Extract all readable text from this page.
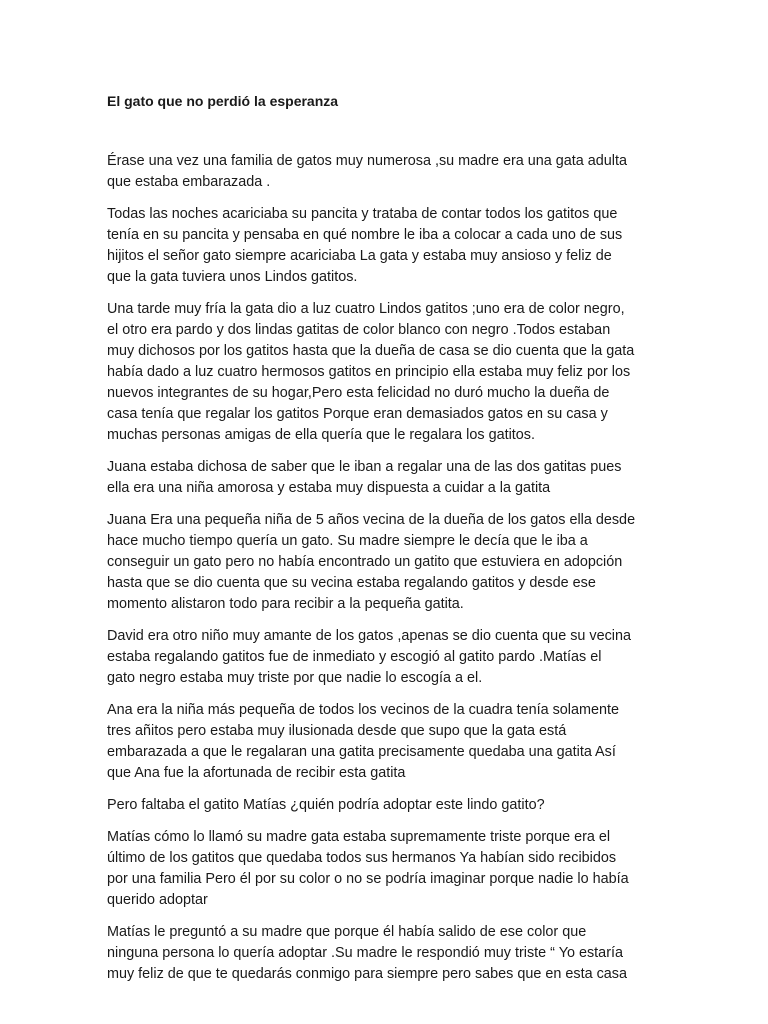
El gato que no perdió la esperanza

Érase una vez una familia de gatos muy numerosa ,su madre era una gata adulta
que estaba embarazada .

Todas las noches acariciaba su pancita y trataba de contar todos los gatitos que
tenía en su pancita y pensaba en qué nombre le iba a colocar a cada uno de sus
hijitos el señor gato siempre acariciaba La gata y estaba muy ansioso y feliz de
que la gata tuviera unos Lindos gatitos.

Una tarde muy fría la gata dio a luz cuatro Lindos gatitos ;uno era de color negro,
el otro era pardo y dos lindas gatitas de color blanco con negro .Todos estaban
muy dichosos por los gatitos hasta que la dueña de casa se dio cuenta que la gata
había dado a luz cuatro hermosos gatitos en principio ella estaba muy feliz por los
nuevos integrantes de su hogar,Pero esta felicidad no duró mucho la dueña de
casa tenía que regalar los gatitos Porque eran demasiados gatos en su casa y
muchas personas amigas de ella quería que le regalara los gatitos.

Juana estaba dichosa de saber que le iban a regalar una de las dos gatitas pues
ella era una niña amorosa y estaba muy dispuesta a cuidar a la gatita

Juana Era una pequeña niña de 5 años vecina de la dueña de los gatos ella desde
hace mucho tiempo quería un gato. Su madre siempre le decía que le iba a
conseguir un gato pero no había encontrado un gatito que estuviera en adopción
hasta que se dio cuenta que su vecina estaba regalando gatitos y desde ese
momento alistaron todo para recibir a la pequeña gatita.

David era otro niño muy amante de los gatos ,apenas se dio cuenta que su vecina
estaba regalando gatitos fue de inmediato y escogió al gatito pardo .Matías el
gato negro estaba muy triste por que nadie lo escogía a el.

Ana era la niña más pequeña de todos los vecinos de la cuadra tenía solamente
tres añitos pero estaba muy ilusionada desde que supo que la gata está
embarazada a que le regalaran una gatita precisamente quedaba una gatita Así
que Ana fue la afortunada de recibir esta gatita

Pero faltaba el gatito Matías ¿quién podría adoptar este lindo gatito?

Matías cómo lo llamó su madre gata estaba supremamente triste porque era el
último de los gatitos que quedaba todos sus hermanos Ya habían sido recibidos
por una familia Pero él por su color o no se podría imaginar porque nadie lo había
querido adoptar

Matías le preguntó a su madre que porque él había salido de ese color que
ninguna persona lo quería adoptar .Su madre le respondió muy triste “ Yo estaría
muy feliz de que te quedarás conmigo para siempre pero sabes que en esta casa
